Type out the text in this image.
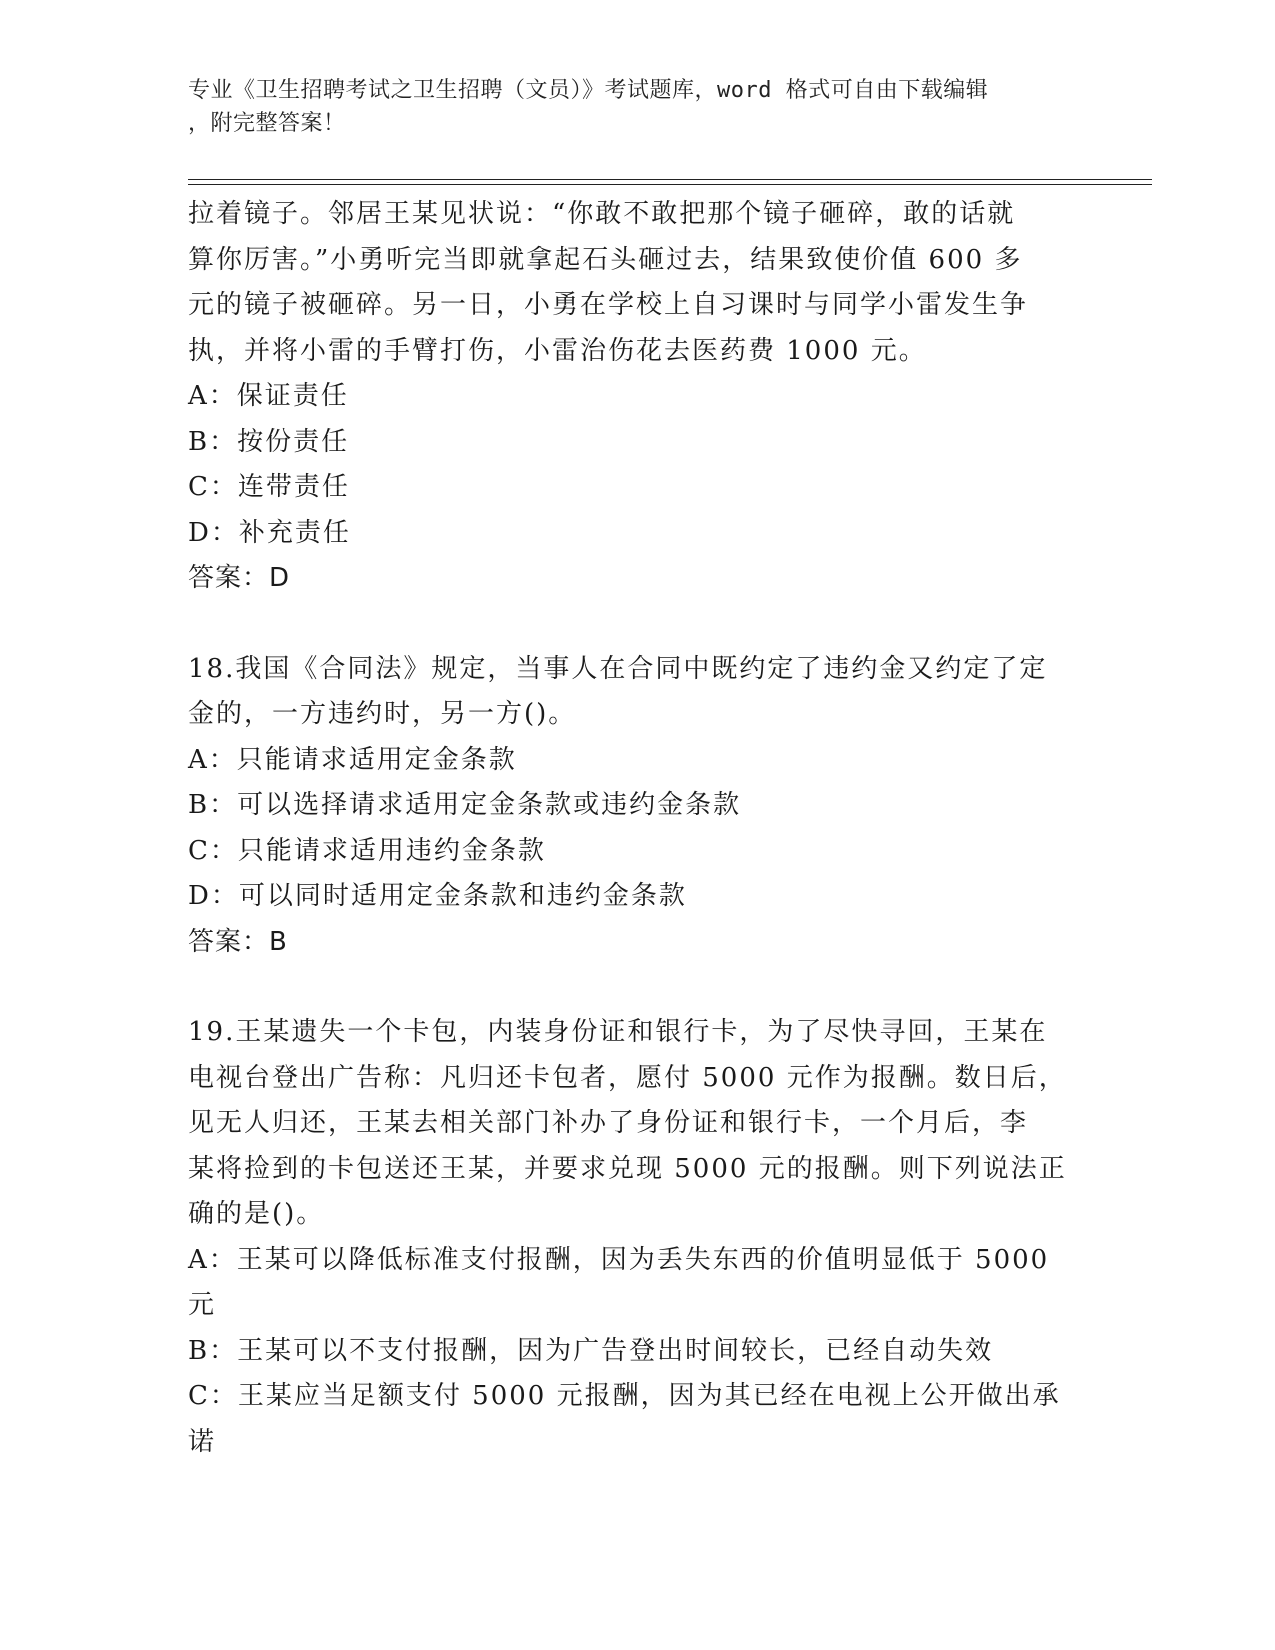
专业《卫生招聘考试之卫生招聘（文员）》考试题库，word 格式可自由下载编辑

，附完整答案！

拉着镜子。邻居王某见状说：“你敢不敢把那个镜子砸碎，敢的话就

算你厉害。”小勇听完当即就拿起石头砸过去，结果致使价值 600 多

元的镜子被砸碎。另一日，小勇在学校上自习课时与同学小雷发生争

执，并将小雷的手臂打伤，小雷治伤花去医药费 1000 元。

A：保证责任

B：按份责任

C：连带责任

D：补充责任

答案：D

18.我国《合同法》规定，当事人在合同中既约定了违约金又约定了定

金的，一方违约时，另一方()。

A：只能请求适用定金条款

B：可以选择请求适用定金条款或违约金条款

C：只能请求适用违约金条款

D：可以同时适用定金条款和违约金条款

答案：B

19.王某遗失一个卡包，内装身份证和银行卡，为了尽快寻回，王某在

电视台登出广告称：凡归还卡包者，愿付 5000 元作为报酬。数日后，

见无人归还，王某去相关部门补办了身份证和银行卡，一个月后，李

某将捡到的卡包送还王某，并要求兑现 5000 元的报酬。则下列说法正

确的是()。

A：王某可以降低标准支付报酬，因为丢失东西的价值明显低于 5000

元

B：王某可以不支付报酬，因为广告登出时间较长，已经自动失效

C：王某应当足额支付 5000 元报酬，因为其已经在电视上公开做出承

诺
